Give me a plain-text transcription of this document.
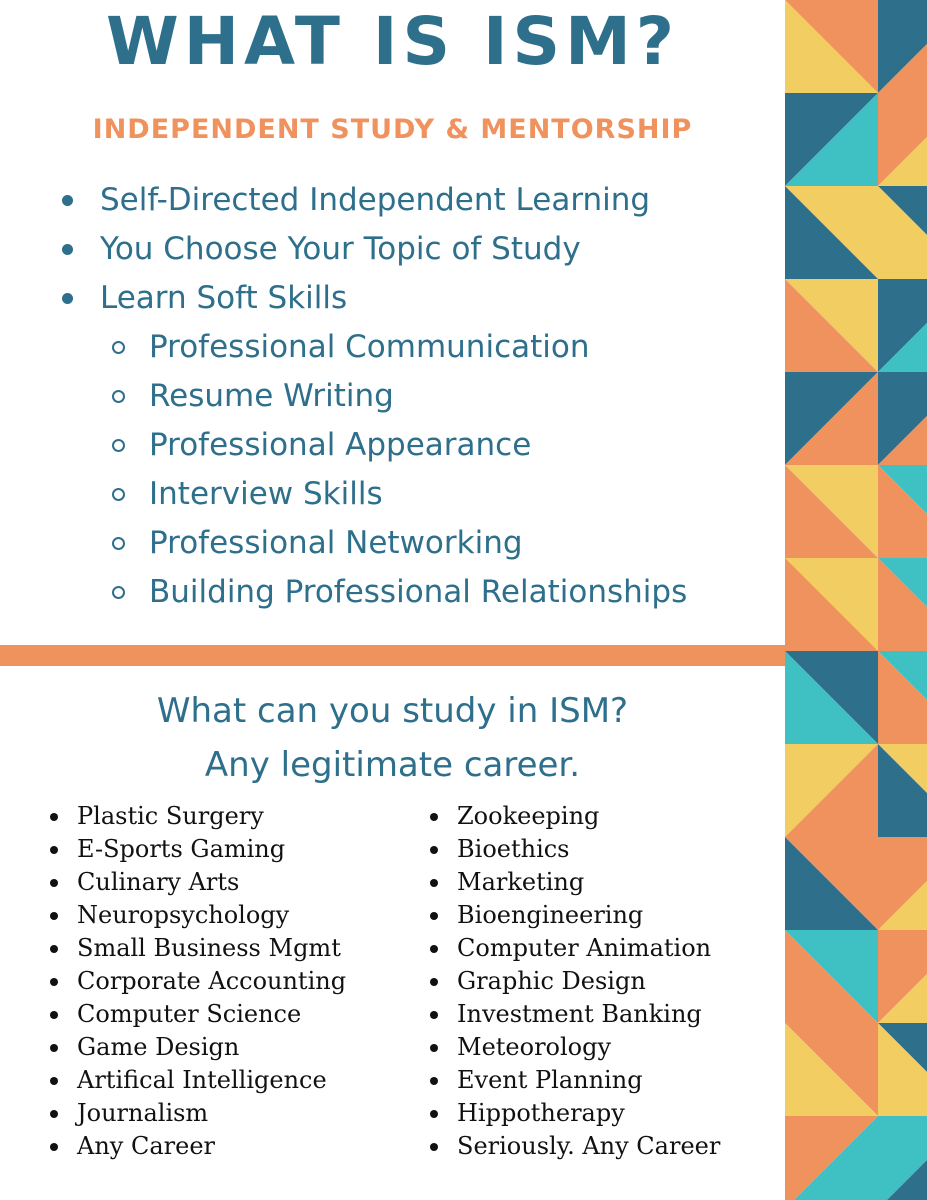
WHAT IS ISM?
INDEPENDENT STUDY & MENTORSHIP
Self-Directed Independent Learning
You Choose Your Topic of Study
Learn Soft Skills
Professional Communication
Resume Writing
Professional Appearance
Interview Skills
Professional Networking
Building Professional Relationships

What can you study in ISM?

Any legitimate career.

Plastic Surgery
E-Sports Gaming
Culinary Arts
Neuropsychology
Small Business Mgmt
Corporate Accounting
Computer Science
Game Design
Artifical Intelligence
Journalism
Any Career
Zookeeping
Bioethics
Marketing
Bioengineering
Computer Animation
Graphic Design
Investment Banking
Meteorology
Event Planning
Hippotherapy
Seriously. Any Career
